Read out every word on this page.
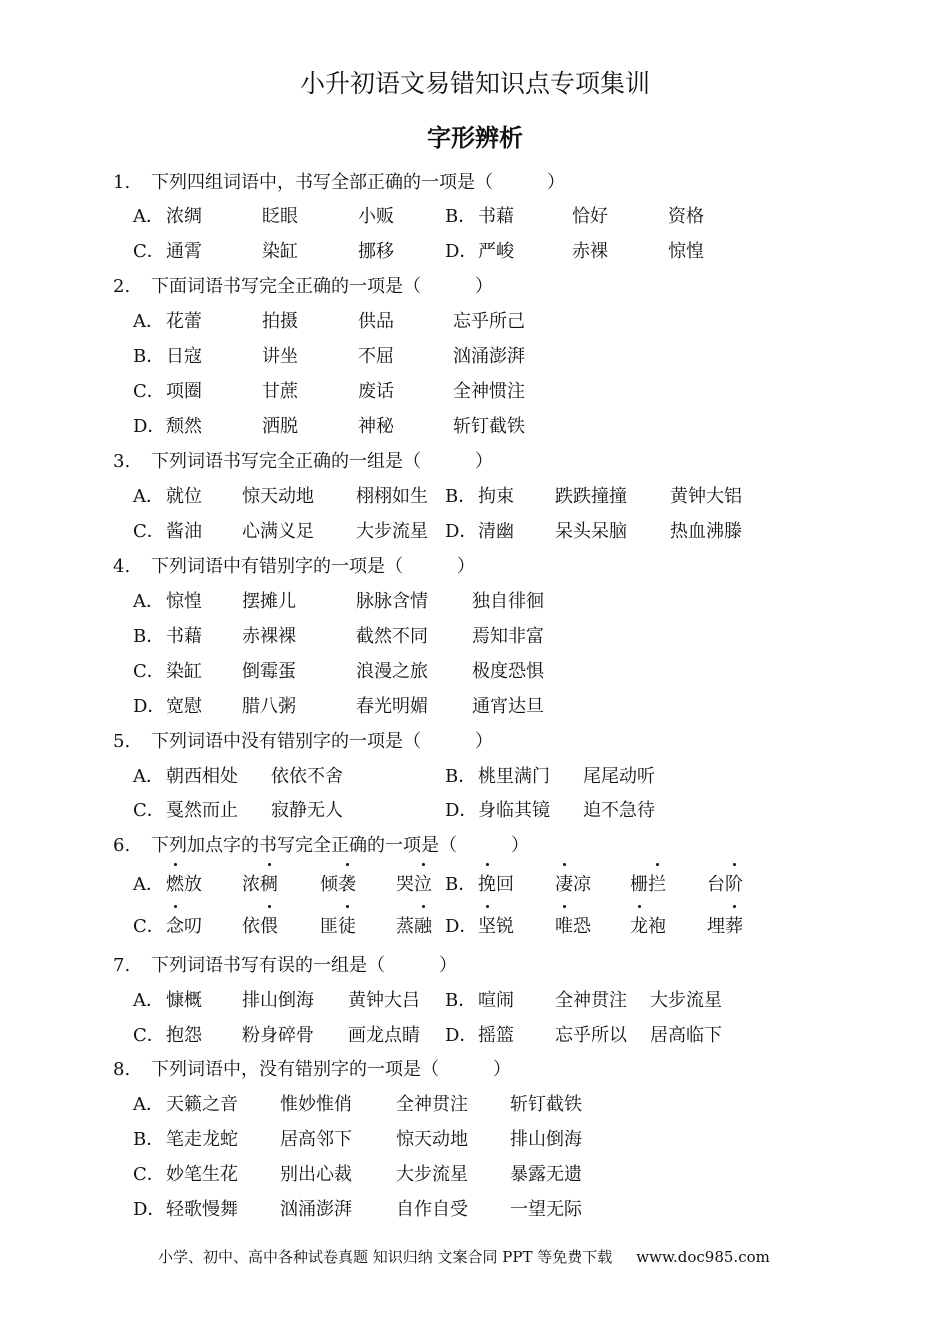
小升初语文易错知识点专项集训
字形辨析
1. 下列四组词语中，书写全部正确的一项是（　　　）
A． 浓绸	眨眼	小贩	B． 书藉	恰好	资格
C． 通霄	染缸	挪移	D． 严峻	赤裸	惊惶
2. 下面词语书写完全正确的一项是（　　　）
A． 花蕾	拍摄	供品	忘乎所己
B． 日寇	讲坐	不屈	汹涌澎湃
C． 项圈	甘蔗	废话	全神惯注
D． 颓然	洒脱	神秘	斩钉截铁
3. 下列词语书写完全正确的一组是（　　　）
A． 就位 惊天动地 栩栩如生 B． 拘束 跌跌撞撞 黄钟大铝
C． 酱油 心满义足 大步流星 D． 清幽 呆头呆脑 热血沸滕
4. 下列词语中有错别字的一项是（　　　）
A． 惊惶 摆摊儿	脉脉含情 独自徘徊
B． 书藉 赤裸裸	截然不同 焉知非富
C． 染缸 倒霉蛋	浪漫之旅 极度恐惧
D． 宽慰 腊八粥	春光明媚 通宵达旦
5. 下列词语中没有错别字的一项是（　　　）
A． 朝西相处 依依不舍	B． 桃里满门 尾尾动听
C． 戛然而止 寂静无人	D． 身临其镜 迫不急待
6. 下列加点字的书写完全正确的一项是（　　　）
A． 燃放 浓稠 倾袭 哭泣 B． 挽回 凄凉 栅拦 台阶
C． 念叨 依偎 匪徒 蒸融 D． 坚锐 唯恐 龙袍 埋葬
7. 下列词语书写有误的一组是（　　　）
A． 慷概 排山倒海 黄钟大吕 B． 喧闹 全神贯注 大步流星
C． 抱怨 粉身碎骨 画龙点睛 D． 摇篮 忘乎所以 居高临下
8. 下列词语中，没有错别字的一项是（　　　）
A． 天籁之音 惟妙惟俏 全神贯注 斩钉截铁
B． 笔走龙蛇 居高邻下 惊天动地 排山倒海
C． 妙笔生花 别出心裁 大步流星 暴露无遗
D． 轻歌慢舞 汹涌澎湃 自作自受 一望无际
小学、初中、高中各种试卷真题 知识归纳 文案合同 PPT 等免费下载 www.doc985.com
